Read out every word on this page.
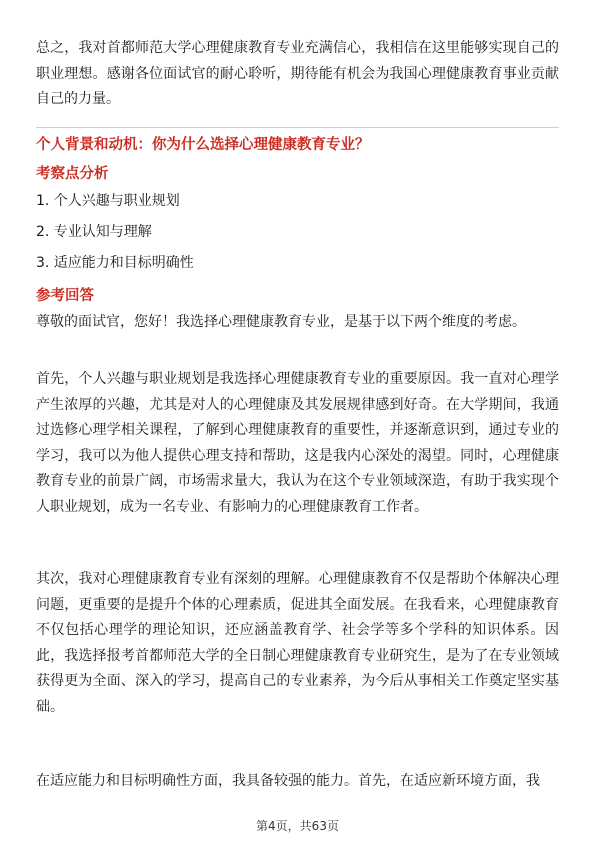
总之，我对首都师范大学心理健康教育专业充满信心，我相信在这里能够实现自己的职业理想。感谢各位面试官的耐心聆听，期待能有机会为我国心理健康教育事业贡献自己的力量。

个人背景和动机：你为什么选择心理健康教育专业？

考察点分析

1. 个人兴趣与职业规划
2. 专业认知与理解
3. 适应能力和目标明确性

参考回答

尊敬的面试官，您好！我选择心理健康教育专业，是基于以下两个维度的考虑。

首先，个人兴趣与职业规划是我选择心理健康教育专业的重要原因。我一直对心理学产生浓厚的兴趣，尤其是对人的心理健康及其发展规律感到好奇。在大学期间，我通过选修心理学相关课程，了解到心理健康教育的重要性，并逐渐意识到，通过专业的学习，我可以为他人提供心理支持和帮助，这是我内心深处的渴望。同时，心理健康教育专业的前景广阔，市场需求量大，我认为在这个专业领域深造，有助于我实现个人职业规划，成为一名专业、有影响力的心理健康教育工作者。

其次，我对心理健康教育专业有深刻的理解。心理健康教育不仅是帮助个体解决心理问题，更重要的是提升个体的心理素质，促进其全面发展。在我看来，心理健康教育不仅包括心理学的理论知识，还应涵盖教育学、社会学等多个学科的知识体系。因此，我选择报考首都师范大学的全日制心理健康教育专业研究生，是为了在专业领域获得更为全面、深入的学习，提高自己的专业素养，为今后从事相关工作奠定坚实基础。

在适应能力和目标明确性方面，我具备较强的能力。首先，在适应新环境方面，我

第4页，共63页
